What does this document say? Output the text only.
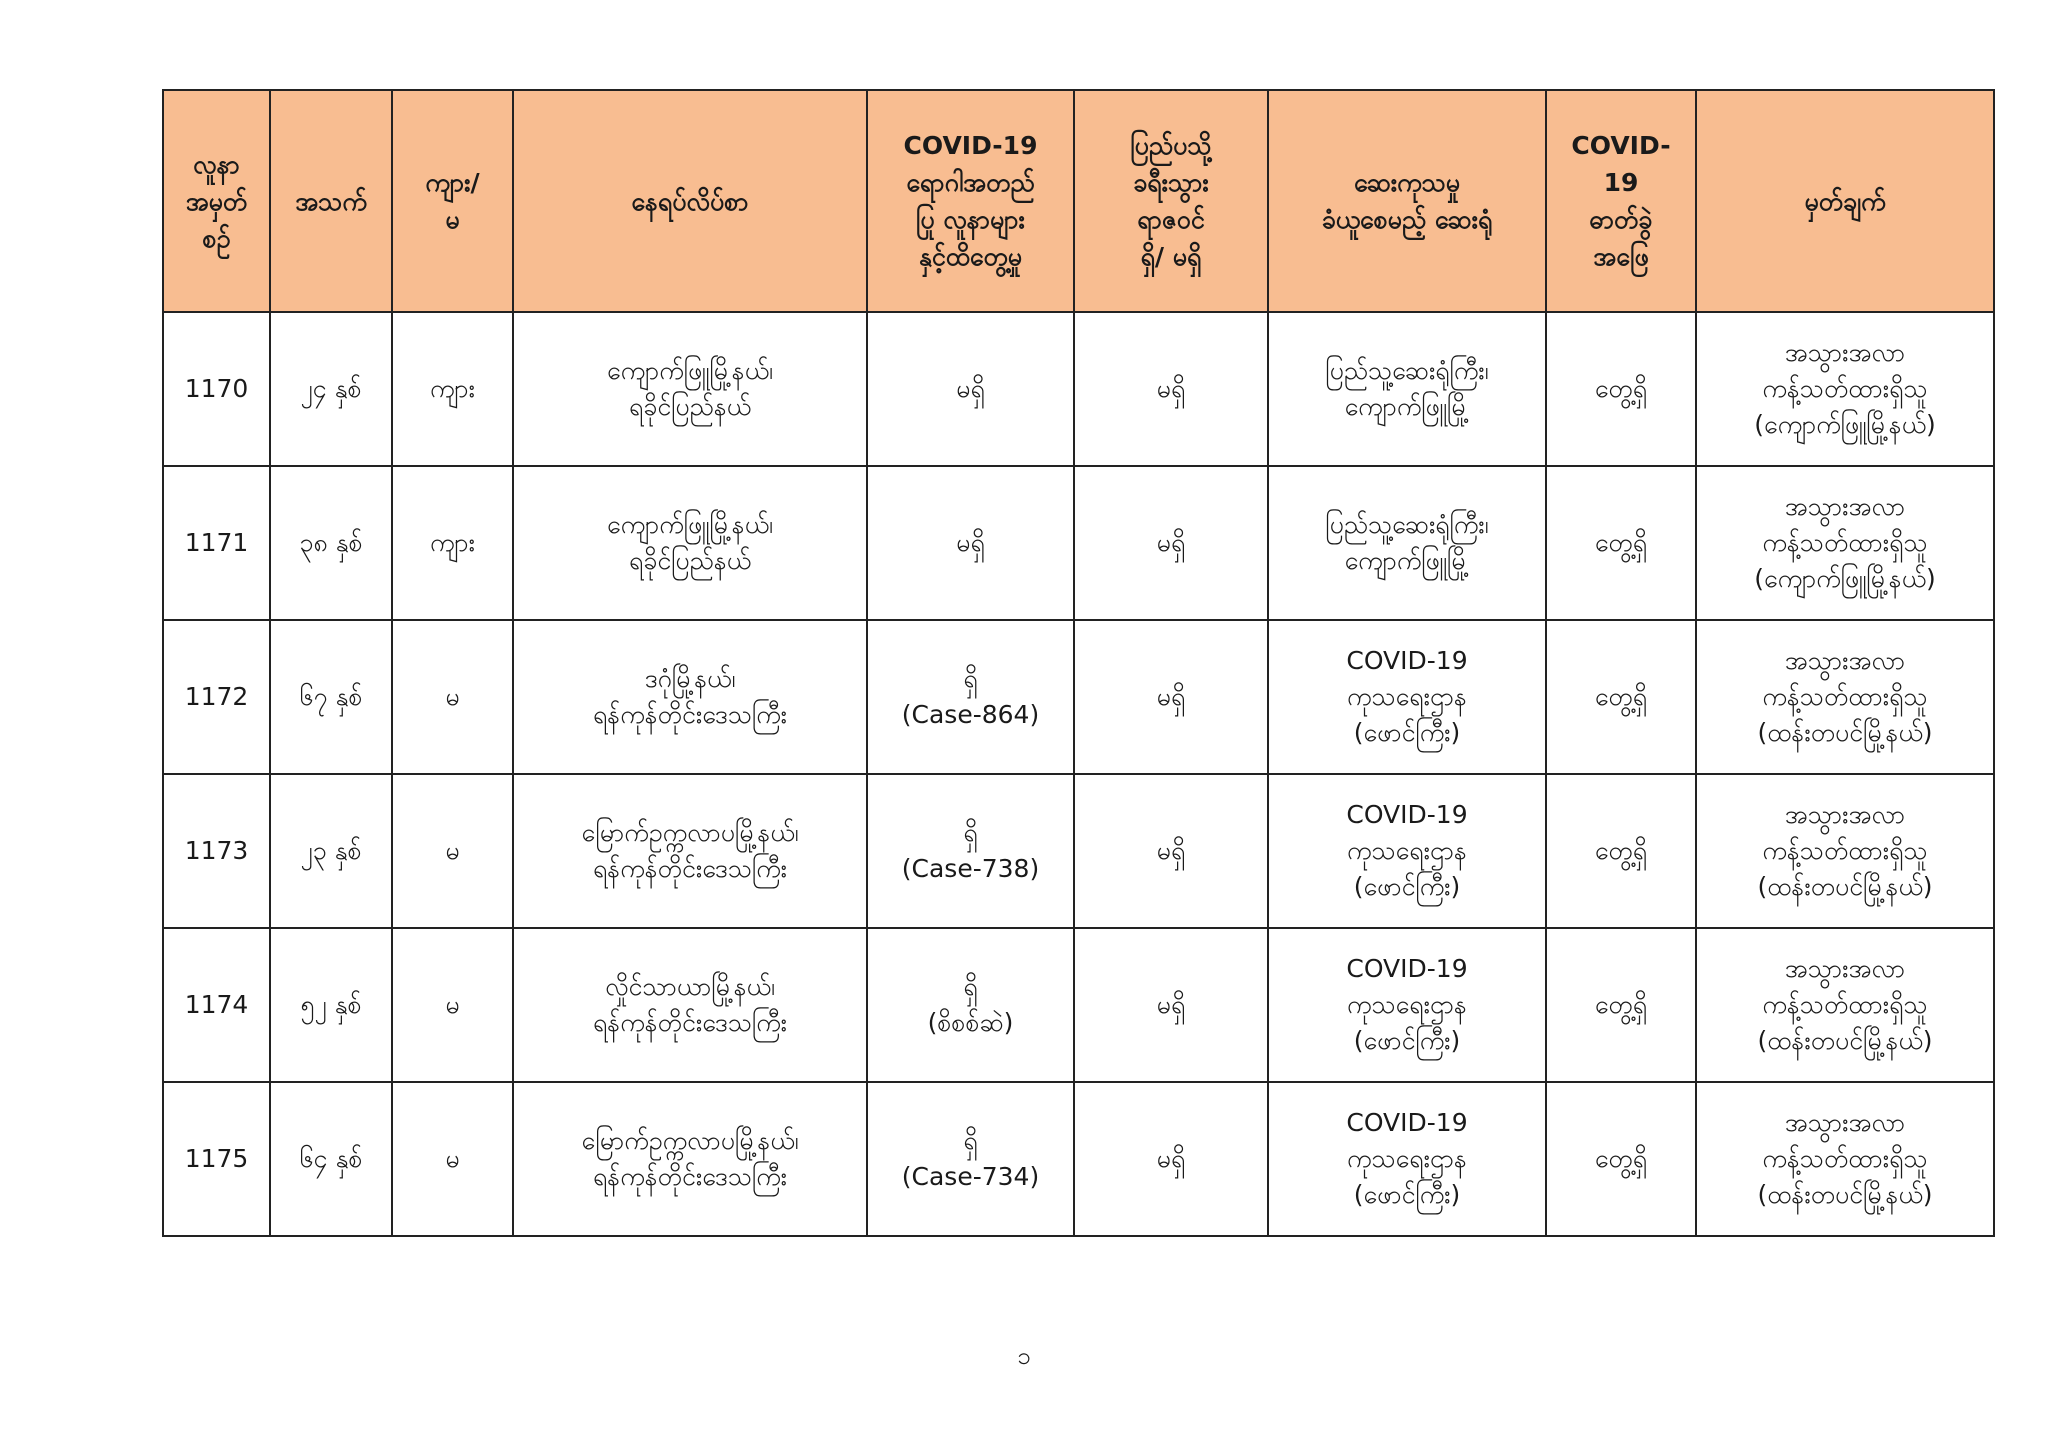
လူနာ
အမှတ်
စဉ်	အသက်	ကျား/
မ	နေရပ်လိပ်စာ	COVID-19
ရောဂါအတည်
ပြု လူနာများ
နှင့်ထိတွေ့မှု	ပြည်ပသို့
ခရီးသွား
ရာဇဝင်
ရှိ/ မရှိ	ဆေးကုသမှု
ခံယူစေမည့် ဆေးရုံ	COVID-
19
ဓာတ်ခွဲ
အဖြေ	မှတ်ချက်
1170	၂၄ နှစ်	ကျား	ကျောက်ဖြူမြို့နယ်၊
ရခိုင်ပြည်နယ်	မရှိ	မရှိ	ပြည်သူ့ဆေးရုံကြီး၊
ကျောက်ဖြူမြို့	တွေ့ရှိ	အသွားအလာ
ကန့်သတ်ထားရှိသူ
(ကျောက်ဖြူမြို့နယ်)
1171	၃၈ နှစ်	ကျား	ကျောက်ဖြူမြို့နယ်၊
ရခိုင်ပြည်နယ်	မရှိ	မရှိ	ပြည်သူ့ဆေးရုံကြီး၊
ကျောက်ဖြူမြို့	တွေ့ရှိ	အသွားအလာ
ကန့်သတ်ထားရှိသူ
(ကျောက်ဖြူမြို့နယ်)
1172	၆၇ နှစ်	မ	ဒဂုံမြို့နယ်၊
ရန်ကုန်တိုင်းဒေသကြီး	ရှိ
(Case-864)	မရှိ	COVID-19
ကုသရေးဌာန
(ဖောင်ကြီး)	တွေ့ရှိ	အသွားအလာ
ကန့်သတ်ထားရှိသူ
(ထန်းတပင်မြို့နယ်)
1173	၂၃ နှစ်	မ	မြောက်ဥက္ကလာပမြို့နယ်၊
ရန်ကုန်တိုင်းဒေသကြီး	ရှိ
(Case-738)	မရှိ	COVID-19
ကုသရေးဌာန
(ဖောင်ကြီး)	တွေ့ရှိ	အသွားအလာ
ကန့်သတ်ထားရှိသူ
(ထန်းတပင်မြို့နယ်)
1174	၅၂ နှစ်	မ	လှိုင်သာယာမြို့နယ်၊
ရန်ကုန်တိုင်းဒေသကြီး	ရှိ
(စိစစ်ဆဲ)	မရှိ	COVID-19
ကုသရေးဌာန
(ဖောင်ကြီး)	တွေ့ရှိ	အသွားအလာ
ကန့်သတ်ထားရှိသူ
(ထန်းတပင်မြို့နယ်)
1175	၆၄ နှစ်	မ	မြောက်ဥက္ကလာပမြို့နယ်၊
ရန်ကုန်တိုင်းဒေသကြီး	ရှိ
(Case-734)	မရှိ	COVID-19
ကုသရေးဌာန
(ဖောင်ကြီး)	တွေ့ရှိ	အသွားအလာ
ကန့်သတ်ထားရှိသူ
(ထန်းတပင်မြို့နယ်)
၁
